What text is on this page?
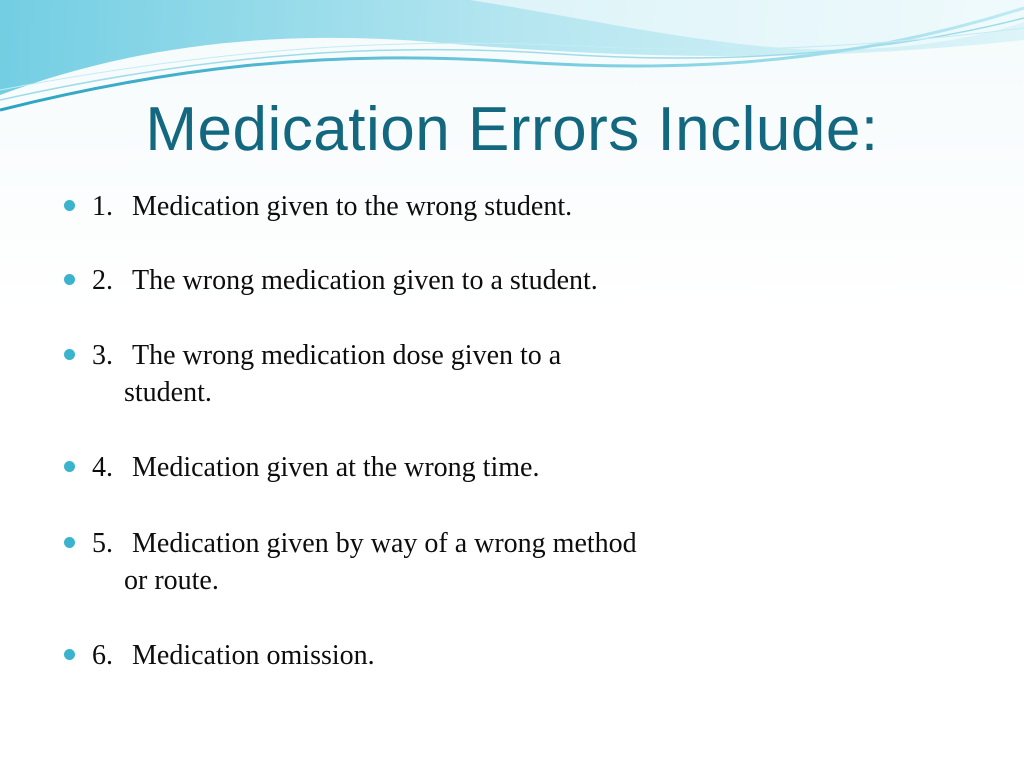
Medication Errors Include:
1. Medication given to the wrong student.
2. The wrong medication given to a student.
3. The wrong medication dose given to a
student.
4. Medication given at the wrong time.
5. Medication given by way of a wrong method
or route.
6. Medication omission.
